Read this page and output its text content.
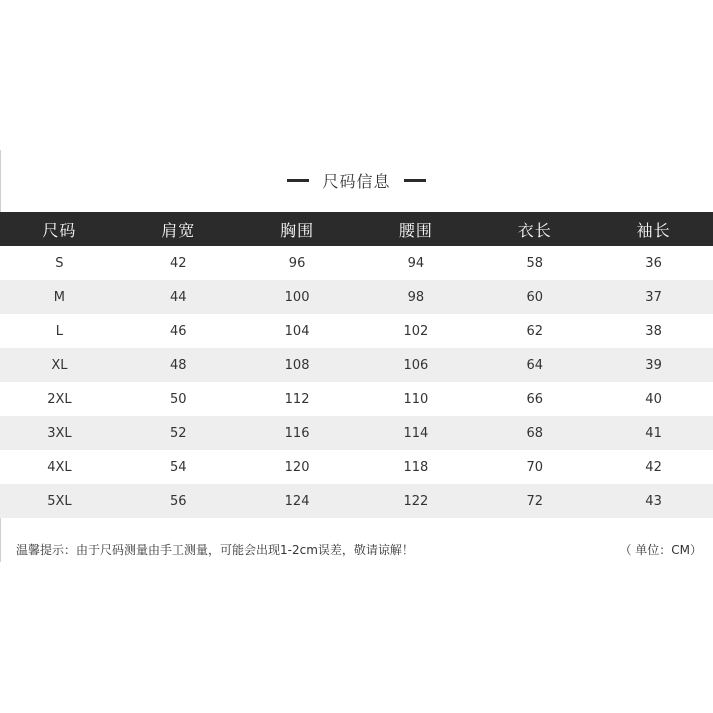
尺码信息
尺码	肩宽	胸围	腰围	衣长	袖长
S	42	96	94	58	36
M	44	100	98	60	37
L	46	104	102	62	38
XL	48	108	106	64	39
2XL	50	112	110	66	40
3XL	52	116	114	68	41
4XL	54	120	118	70	42
5XL	56	124	122	72	43
温馨提示：由于尺码测量由手工测量，可能会出现1-2cm误差，敬请谅解！	（ 单位：CM）
